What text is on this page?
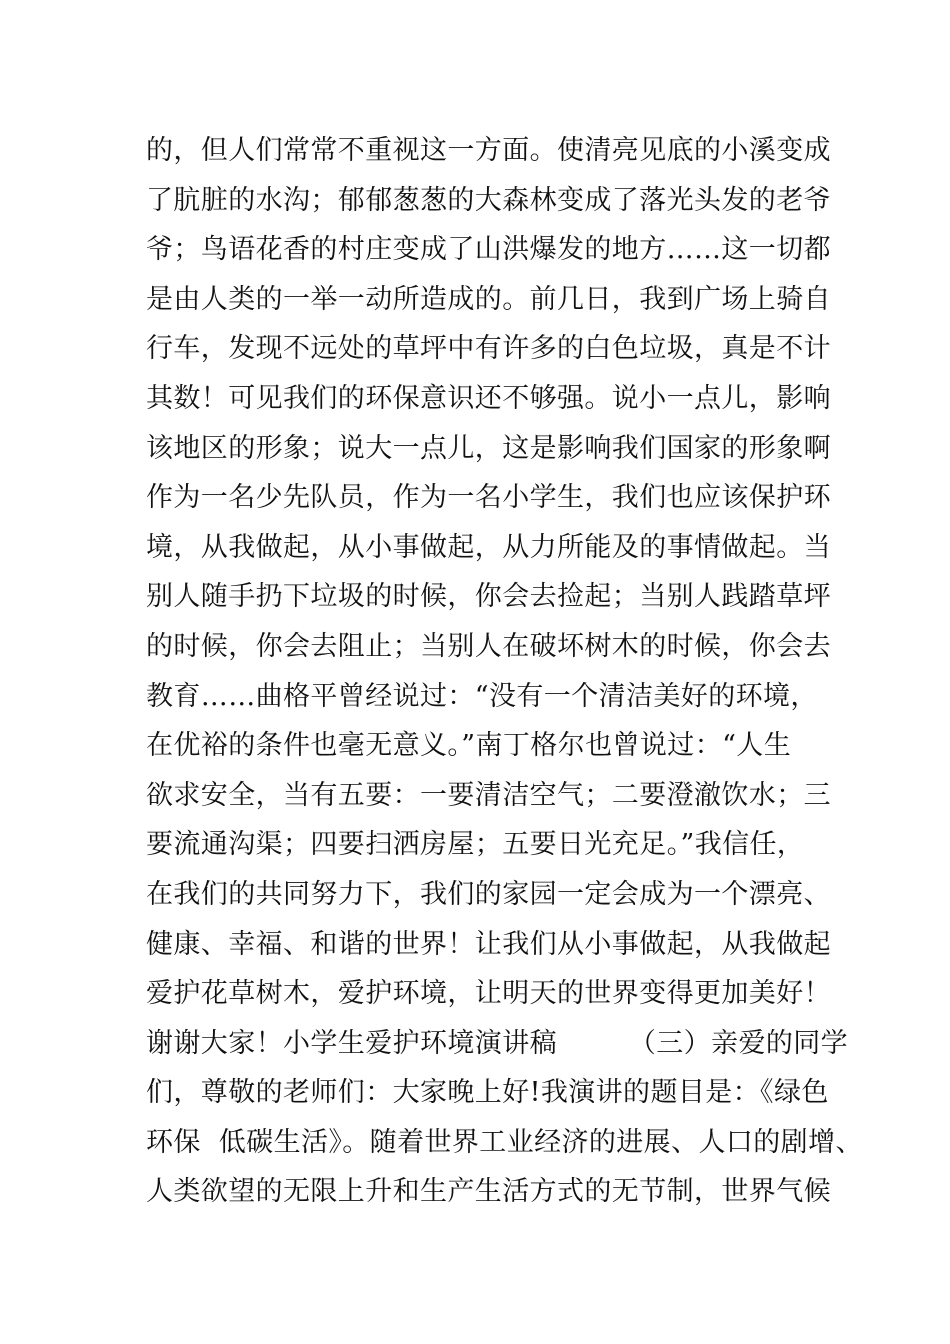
的，但人们常常不重视这一方面。使清亮见底的小溪变成
了肮脏的水沟；郁郁葱葱的大森林变成了落光头发的老爷
爷；鸟语花香的村庄变成了山洪爆发的地方……这一切都
是由人类的一举一动所造成的。前几日，我到广场上骑自
行车，发现不远处的草坪中有许多的白色垃圾，真是不计
其数！可见我们的环保意识还不够强。说小一点儿，影响
该地区的形象；说大一点儿，这是影响我们国家的形象啊
作为一名少先队员，作为一名小学生，我们也应该保护环
境，从我做起，从小事做起，从力所能及的事情做起。当
别人随手扔下垃圾的时候，你会去捡起；当别人践踏草坪
的时候，你会去阻止；当别人在破坏树木的时候，你会去
教育……曲格平曾经说过：“没有一个清洁美好的环境，
在优裕的条件也毫无意义。”南丁格尔也曾说过：“人生
欲求安全，当有五要：一要清洁空气；二要澄澈饮水；三
要流通沟渠；四要扫洒房屋；五要日光充足。”我信任，
在我们的共同努力下，我们的家园一定会成为一个漂亮、
健康、幸福、和谐的世界！让我们从小事做起，从我做起
爱护花草树木，爱护环境，让明天的世界变得更加美好！
谢谢大家！小学生爱护环境演讲稿        （三）亲爱的同学
们，尊敬的老师们：大家晚上好!我演讲的题目是：《绿色
环保  低碳生活》。随着世界工业经济的进展、人口的剧增、
人类欲望的无限上升和生产生活方式的无节制，世界气候
